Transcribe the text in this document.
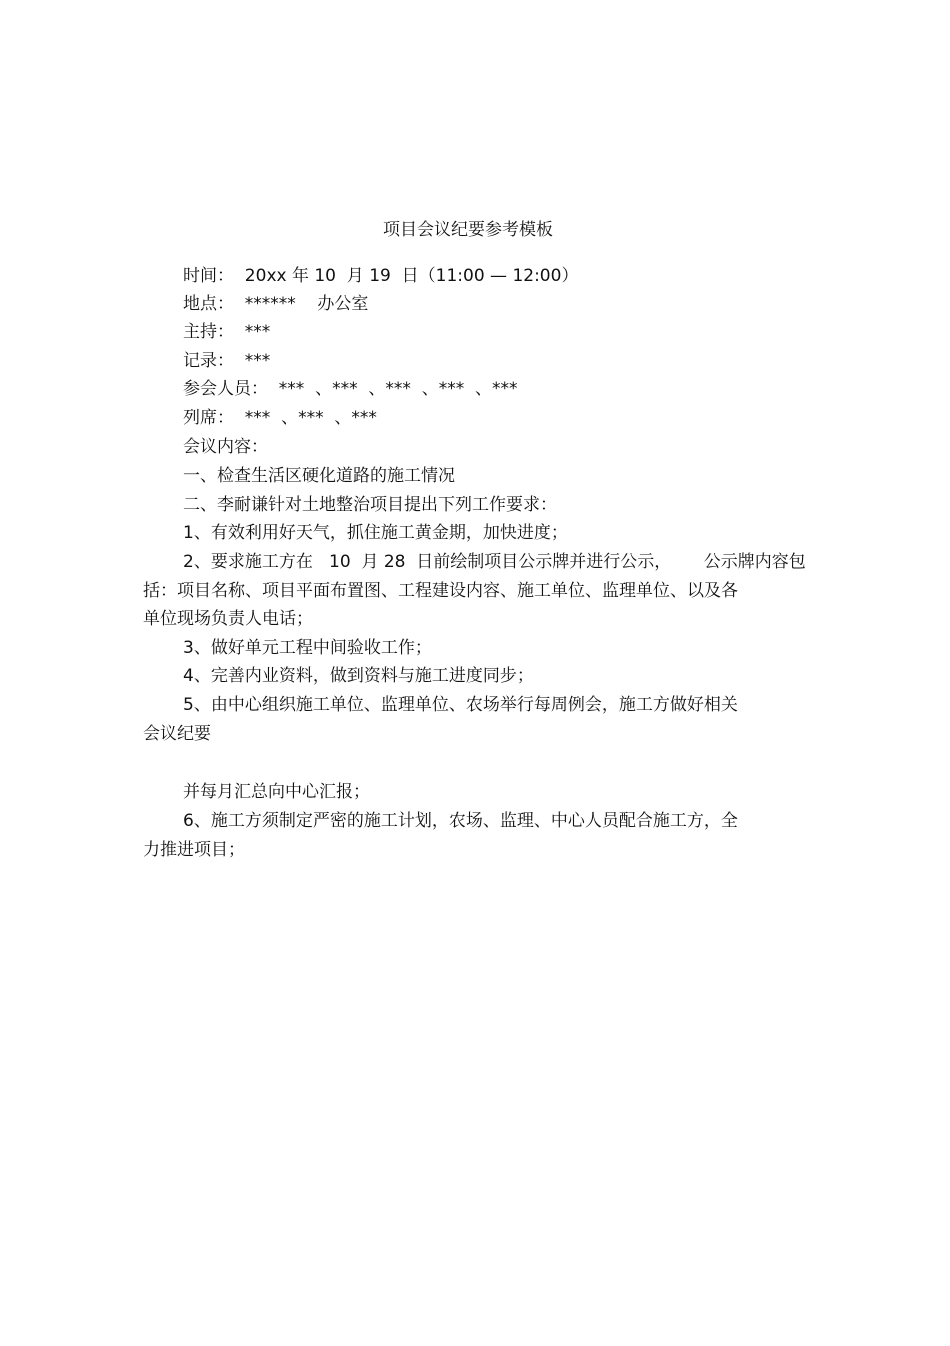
项目会议纪要参考模板
时间：  20xx 年 10  月 19  日（11:00 — 12:00）
地点：  ******    办公室
主持：  ***
记录：  ***
参会人员：  ***  、***  、***  、***  、***
列席：  ***  、***  、***
会议内容：
一、检查生活区硬化道路的施工情况
二、李耐谦针对土地整治项目提出下列工作要求：
1、有效利用好天气，抓住施工黄金期，加快进度；
2、要求施工方在   10  月 28  日前绘制项目公示牌并进行公示，      公示牌内容包
括：项目名称、项目平面布置图、工程建设内容、施工单位、监理单位、以及各
单位现场负责人电话；
3、做好单元工程中间验收工作；
4、完善内业资料，做到资料与施工进度同步；
5、由中心组织施工单位、监理单位、农场举行每周例会，施工方做好相关
会议纪要
并每月汇总向中心汇报；
6、施工方须制定严密的施工计划，农场、监理、中心人员配合施工方，全
力推进项目；
